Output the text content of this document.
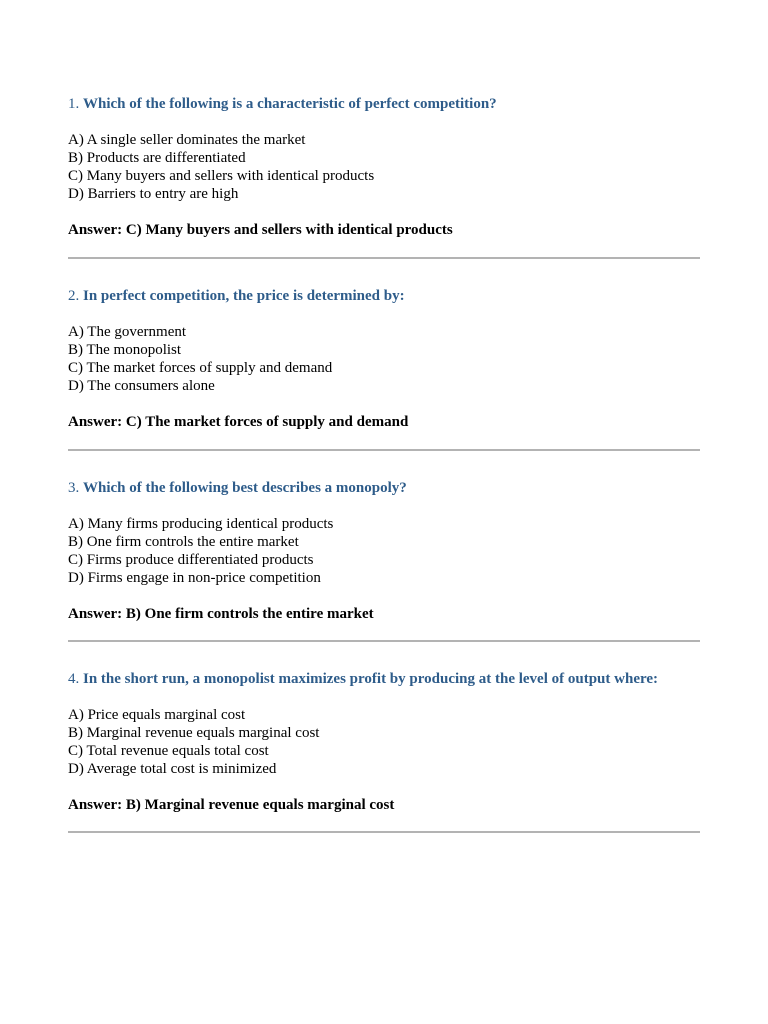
1. Which of the following is a characteristic of perfect competition?
A) A single seller dominates the market
B) Products are differentiated
C) Many buyers and sellers with identical products
D) Barriers to entry are high
Answer: C) Many buyers and sellers with identical products
2. In perfect competition, the price is determined by:
A) The government
B) The monopolist
C) The market forces of supply and demand
D) The consumers alone
Answer: C) The market forces of supply and demand
3. Which of the following best describes a monopoly?
A) Many firms producing identical products
B) One firm controls the entire market
C) Firms produce differentiated products
D) Firms engage in non-price competition
Answer: B) One firm controls the entire market
4. In the short run, a monopolist maximizes profit by producing at the level of output where:
A) Price equals marginal cost
B) Marginal revenue equals marginal cost
C) Total revenue equals total cost
D) Average total cost is minimized
Answer: B) Marginal revenue equals marginal cost
